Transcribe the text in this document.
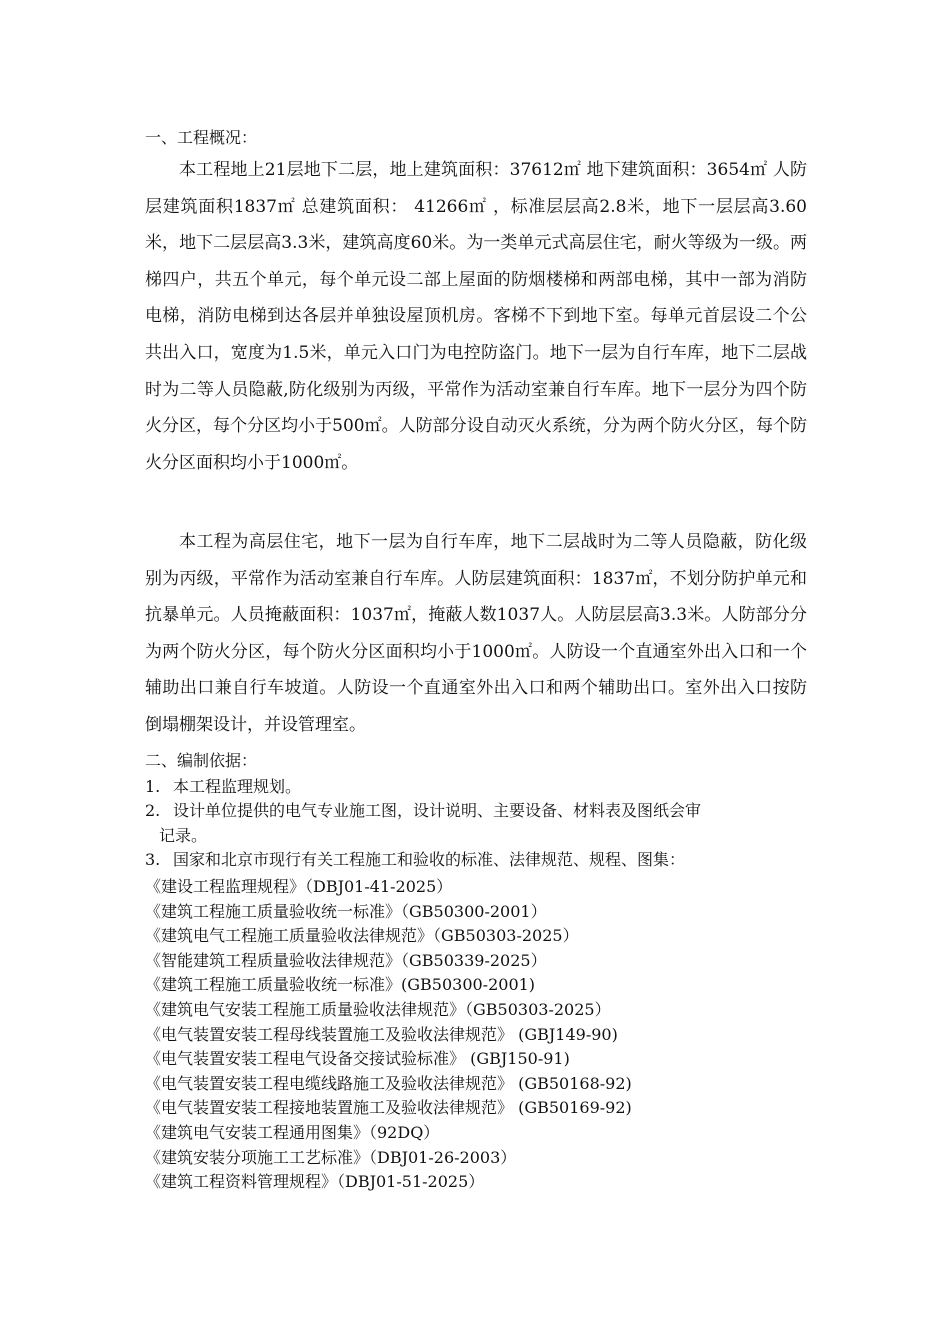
一、工程概况：

本工程地上21层地下二层，地上建筑面积：37612㎡ 地下建筑面积：3654㎡ 人防层建筑面积1837㎡ 总建筑面积： 41266㎡ ，标准层层高2.8米，地下一层层高3.60米，地下二层层高3.3米，建筑高度60米。为一类单元式高层住宅，耐火等级为一级。两梯四户，共五个单元，每个单元设二部上屋面的防烟楼梯和两部电梯，其中一部为消防电梯，消防电梯到达各层并单独设屋顶机房。客梯不下到地下室。每单元首层设二个公共出入口，宽度为1.5米，单元入口门为电控防盗门。地下一层为自行车库，地下二层战时为二等人员隐蔽,防化级别为丙级，平常作为活动室兼自行车库。地下一层分为四个防火分区，每个分区均小于500㎡。人防部分设自动灭火系统，分为两个防火分区，每个防火分区面积均小于1000㎡。

本工程为高层住宅，地下一层为自行车库，地下二层战时为二等人员隐蔽，防化级别为丙级，平常作为活动室兼自行车库。人防层建筑面积：1837㎡，不划分防护单元和抗暴单元。人员掩蔽面积：1037㎡，掩蔽人数1037人。人防层层高3.3米。人防部分分为两个防火分区，每个防火分区面积均小于1000㎡。人防设一个直通室外出入口和一个辅助出口兼自行车坡道。人防设一个直通室外出入口和两个辅助出口。室外出入口按防倒塌棚架设计，并设管理室。

二、编制依据：
1. 本工程监理规划。
2. 设计单位提供的电气专业施工图，设计说明、主要设备、材料表及图纸会审
记录。
3. 国家和北京市现行有关工程施工和验收的标准、法律规范、规程、图集：
《建设工程监理规程》（DBJ01-41-2025）
《建筑工程施工质量验收统一标准》（GB50300-2001）
《建筑电气工程施工质量验收法律规范》（GB50303-2025）
《智能建筑工程质量验收法律规范》（GB50339-2025）
《建筑工程施工质量验收统一标准》(GB50300-2001)
《建筑电气安装工程施工质量验收法律规范》（GB50303-2025）
《电气装置安装工程母线装置施工及验收法律规范》 (GBJ149-90)
《电气装置安装工程电气设备交接试验标准》 (GBJ150-91)
《电气装置安装工程电缆线路施工及验收法律规范》 (GB50168-92)
《电气装置安装工程接地装置施工及验收法律规范》 (GB50169-92)
《建筑电气安装工程通用图集》（92DQ）
《建筑安装分项施工工艺标准》（DBJ01-26-2003）
《建筑工程资料管理规程》（DBJ01-51-2025）
